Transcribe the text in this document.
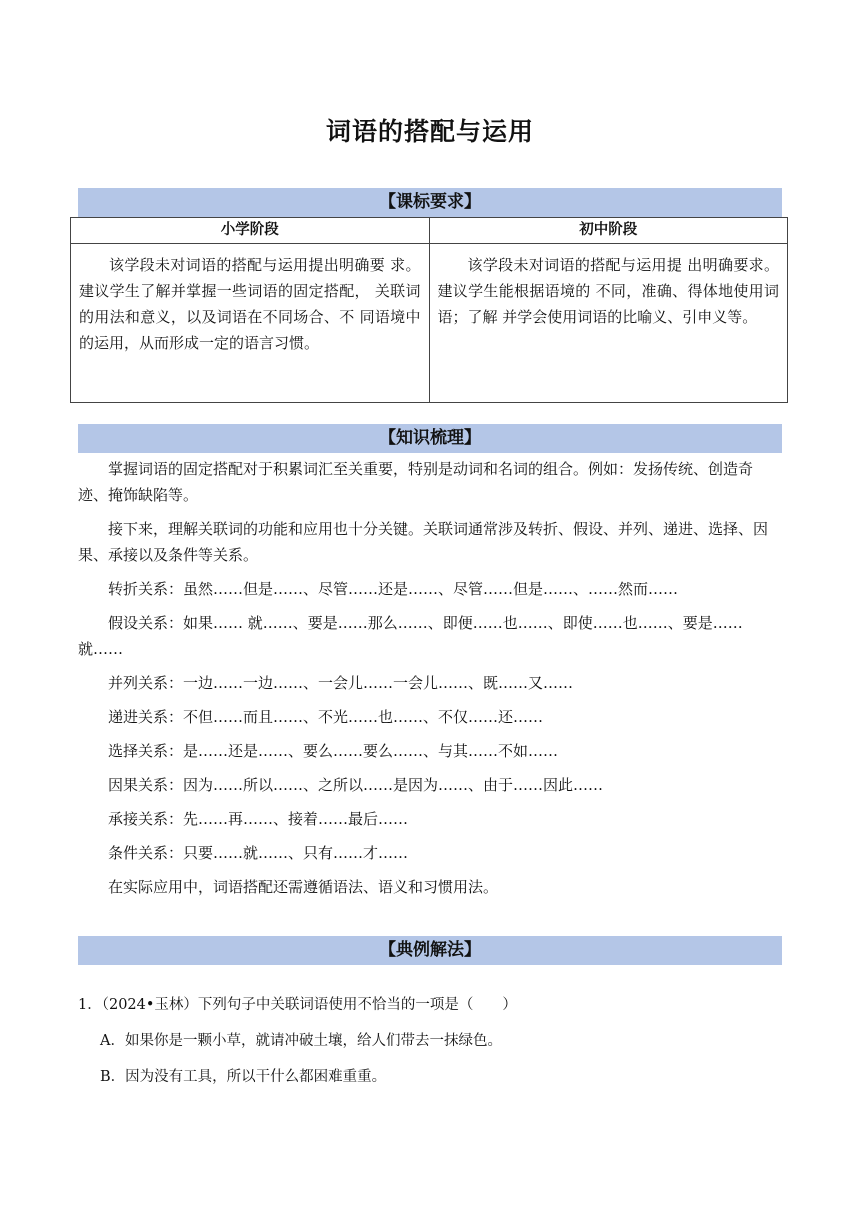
词语的搭配与运用
【课标要求】
小学阶段	初中阶段
该学段未对词语的搭配与运用提出明确要 求。建议学生了解并掌握一些词语的固定搭配， 关联词的用法和意义，以及词语在不同场合、不 同语境中的运用，从而形成一定的语言习惯。
该学段未对词语的搭配与运用提 出明确要求。建议学生能根据语境的 不同，准确、得体地使用词语；了解 并学会使用词语的比喻义、引申义等。
【知识梳理】

掌握词语的固定搭配对于积累词汇至关重要，特别是动词和名词的组合。例如：发扬传统、创造奇迹、掩饰缺陷等。

接下来，理解关联词的功能和应用也十分关键。关联词通常涉及转折、假设、并列、递进、选择、因果、承接以及条件等关系。

转折关系：虽然……但是……、尽管……还是……、尽管……但是……、……然而……

假设关系：如果…… 就……、要是……那么……、即便……也……、即使……也……、要是……就……

并列关系：一边……一边……、一会儿……一会儿……、既……又……

递进关系：不但……而且……、不光……也……、不仅……还……

选择关系：是……还是……、要么……要么……、与其……不如……

因果关系：因为……所以……、之所以……是因为……、由于……因此……

承接关系：先……再……、接着……最后……

条件关系：只要……就……、只有……才……

在实际应用中，词语搭配还需遵循语法、语义和习惯用法。

【典例解法】

1．（2024•玉林）下列句子中关联词语使用不恰当的一项是（　　）

A．如果你是一颗小草，就请冲破土壤，给人们带去一抹绿色。

B．因为没有工具，所以干什么都困难重重。
